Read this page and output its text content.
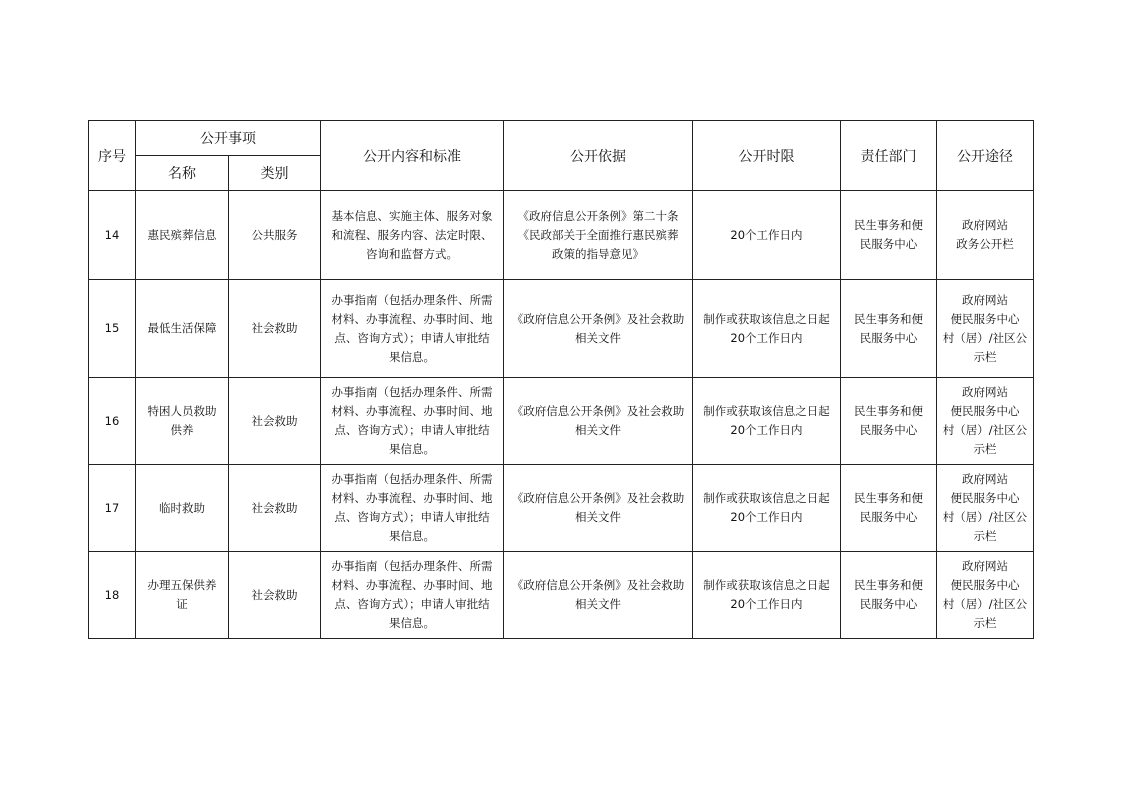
序号	公开事项		公开内容和标准	公开依据	公开时限	责任部门	公开途径
	名称	类别					
14	惠民殡葬信息	公共服务	基本信息、实施主体、服务对象
和流程、服务内容、法定时限、
咨询和监督方式。	《政府信息公开条例》第二十条
《民政部关于全面推行惠民殡葬
政策的指导意见》	20个工作日内	民生事务和便
民服务中心	政府网站
政务公开栏
15	最低生活保障	社会救助	办事指南（包括办理条件、所需
材料、办事流程、办事时间、地
点、咨询方式）；申请人审批结
果信息。	《政府信息公开条例》及社会救助
相关文件	制作或获取该信息之日起
20个工作日内	民生事务和便
民服务中心	政府网站
便民服务中心
村（居）/社区公
示栏
16	特困人员救助
供养	社会救助	办事指南（包括办理条件、所需
材料、办事流程、办事时间、地
点、咨询方式）；申请人审批结
果信息。	《政府信息公开条例》及社会救助
相关文件	制作或获取该信息之日起
20个工作日内	民生事务和便
民服务中心	政府网站
便民服务中心
村（居）/社区公
示栏
17	临时救助	社会救助	办事指南（包括办理条件、所需
材料、办事流程、办事时间、地
点、咨询方式）；申请人审批结
果信息。	《政府信息公开条例》及社会救助
相关文件	制作或获取该信息之日起
20个工作日内	民生事务和便
民服务中心	政府网站
便民服务中心
村（居）/社区公
示栏
18	办理五保供养
证	社会救助	办事指南（包括办理条件、所需
材料、办事流程、办事时间、地
点、咨询方式）；申请人审批结
果信息。	《政府信息公开条例》及社会救助
相关文件	制作或获取该信息之日起
20个工作日内	民生事务和便
民服务中心	政府网站
便民服务中心
村（居）/社区公
示栏
